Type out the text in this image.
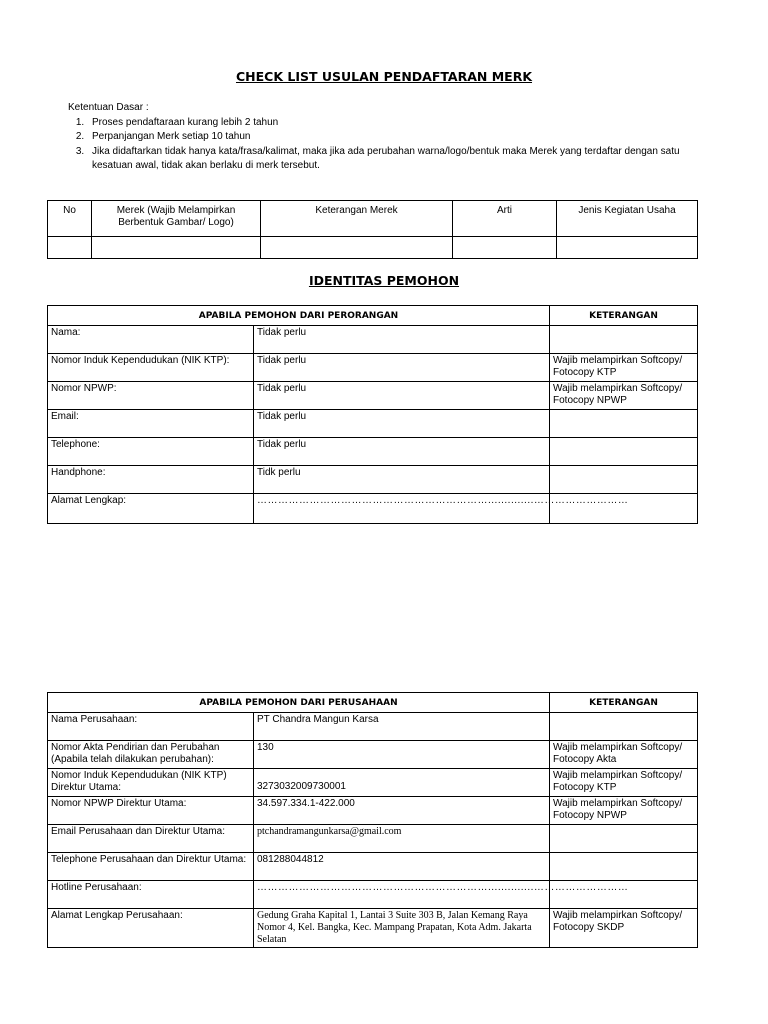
CHECK LIST USULAN PENDAFTARAN MERK
Ketentuan Dasar :
1. Proses pendaftaraan kurang lebih 2 tahun
2. Perpanjangan Merk setiap 10 tahun
3. Jika didaftarkan tidak hanya kata/frasa/kalimat, maka jika ada perubahan warna/logo/bentuk maka Merek yang terdaftar dengan satu kesatuan awal, tidak akan berlaku di merk tersebut.
No	Merek (Wajib Melampirkan Berbentuk Gambar/ Logo)	Keterangan Merek	Arti	Jenis Kegiatan Usaha

IDENTITAS PEMOHON
APABILA PEMOHON DARI PERORANGAN		KETERANGAN
Nama:	Tidak perlu	
Nomor Induk Kependudukan (NIK KTP):	Tidak perlu	Wajib melampirkan Softcopy/ Fotocopy KTP
Nomor NPWP:	Tidak perlu	Wajib melampirkan Softcopy/ Fotocopy NPWP
Email:	Tidak perlu	
Telephone:	Tidak perlu	
Handphone:	Tidk perlu	
Alamat Lengkap:	…………………………………………………………..............………………………	
APABILA PEMOHON DARI PERUSAHAAN		KETERANGAN
Nama Perusahaan:	PT Chandra Mangun Karsa	
Nomor Akta Pendirian dan Perubahan (Apabila telah dilakukan perubahan):	130	Wajib melampirkan Softcopy/ Fotocopy Akta
Nomor Induk Kependudukan (NIK KTP) Direktur Utama:	3273032009730001	Wajib melampirkan Softcopy/ Fotocopy KTP
Nomor NPWP Direktur Utama:	34.597.334.1-422.000	Wajib melampirkan Softcopy/ Fotocopy NPWP
Email Perusahaan dan Direktur Utama:	ptchandramangunkarsa@gmail.com	
Telephone Perusahaan dan Direktur Utama:	081288044812	
Hotline Perusahaan:	…………………………………………………………..............………………………	
Alamat Lengkap Perusahaan:	Gedung Graha Kapital 1, Lantai 3 Suite 303 B, Jalan Kemang Raya Nomor 4, Kel. Bangka, Kec. Mampang Prapatan, Kota Adm. Jakarta Selatan	Wajib melampirkan Softcopy/ Fotocopy SKDP
